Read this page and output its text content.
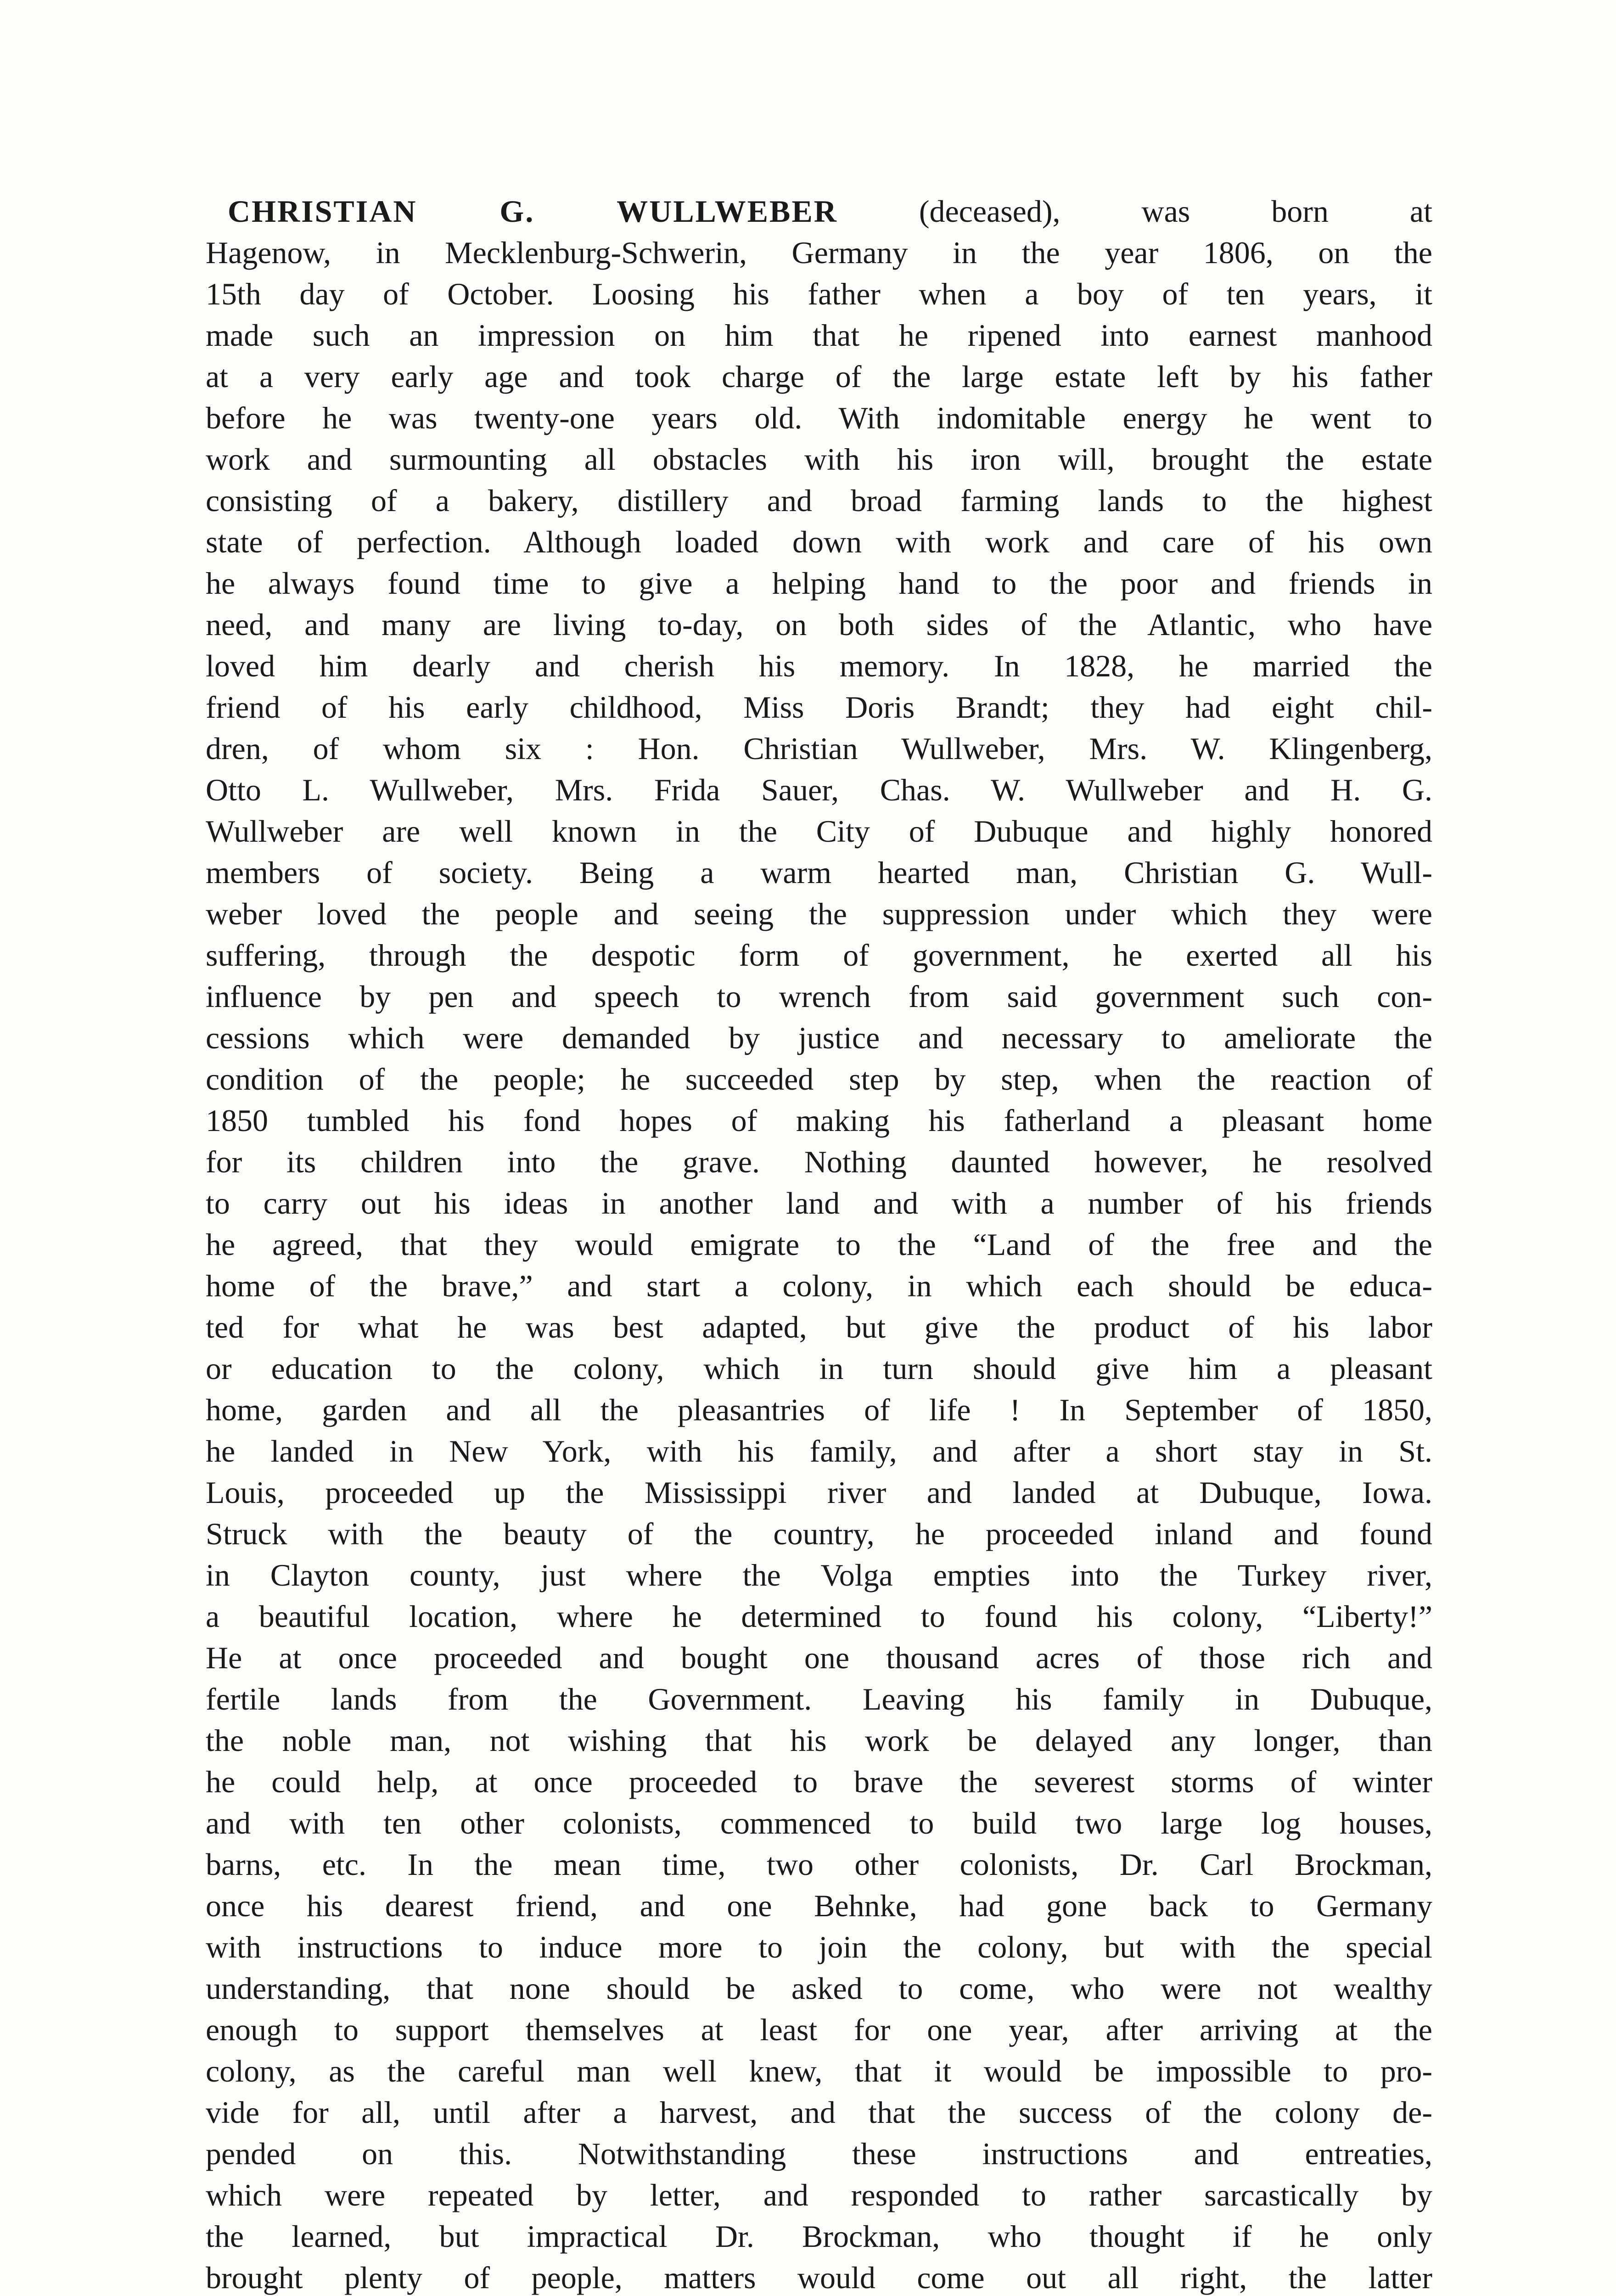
CHRISTIAN G. WULLWEBER (deceased), was born at
Hagenow, in Mecklenburg-Schwerin, Germany in the year 1806, on the
15th day of October. Loosing his father when a boy of ten years, it
made such an impression on him that he ripened into earnest manhood
at a very early age and took charge of the large estate left by his father
before he was twenty-one years old. With indomitable energy he went to
work and surmounting all obstacles with his iron will, brought the estate
consisting of a bakery, distillery and broad farming lands to the highest
state of perfection. Although loaded down with work and care of his own
he always found time to give a helping hand to the poor and friends in
need, and many are living to-day, on both sides of the Atlantic, who have
loved him dearly and cherish his memory. In 1828, he married the
friend of his early childhood, Miss Doris Brandt; they had eight chil-
dren, of whom six : Hon. Christian Wullweber, Mrs. W. Klingenberg,
Otto L. Wullweber, Mrs. Frida Sauer, Chas. W. Wullweber and H. G.
Wullweber are well known in the City of Dubuque and highly honored
members of society. Being a warm hearted man, Christian G. Wull-
weber loved the people and seeing the suppression under which they were
suffering, through the despotic form of government, he exerted all his
influence by pen and speech to wrench from said government such con-
cessions which were demanded by justice and necessary to ameliorate the
condition of the people; he succeeded step by step, when the reaction of
1850 tumbled his fond hopes of making his fatherland a pleasant home
for its children into the grave. Nothing daunted however, he resolved
to carry out his ideas in another land and with a number of his friends
he agreed, that they would emigrate to the “Land of the free and the
home of the brave,” and start a colony, in which each should be educa-
ted for what he was best adapted, but give the product of his labor
or education to the colony, which in turn should give him a pleasant
home, garden and all the pleasantries of life ! In September of 1850,
he landed in New York, with his family, and after a short stay in St.
Louis, proceeded up the Mississippi river and landed at Dubuque, Iowa.
Struck with the beauty of the country, he proceeded inland and found
in Clayton county, just where the Volga empties into the Turkey river,
a beautiful location, where he determined to found his colony, “Liberty!”
He at once proceeded and bought one thousand acres of those rich and
fertile lands from the Government. Leaving his family in Dubuque,
the noble man, not wishing that his work be delayed any longer, than
he could help, at once proceeded to brave the severest storms of winter
and with ten other colonists, commenced to build two large log houses,
barns, etc. In the mean time, two other colonists, Dr. Carl Brockman,
once his dearest friend, and one Behnke, had gone back to Germany
with instructions to induce more to join the colony, but with the special
understanding, that none should be asked to come, who were not wealthy
enough to support themselves at least for one year, after arriving at the
colony, as the careful man well knew, that it would be impossible to pro-
vide for all, until after a harvest, and that the success of the colony de-
pended on this. Notwithstanding these instructions and entreaties,
which were repeated by letter, and responded to rather sarcastically by
the learned, but impractical Dr. Brockman, who thought if he only
brought plenty of people, matters would come out all right, the latter
